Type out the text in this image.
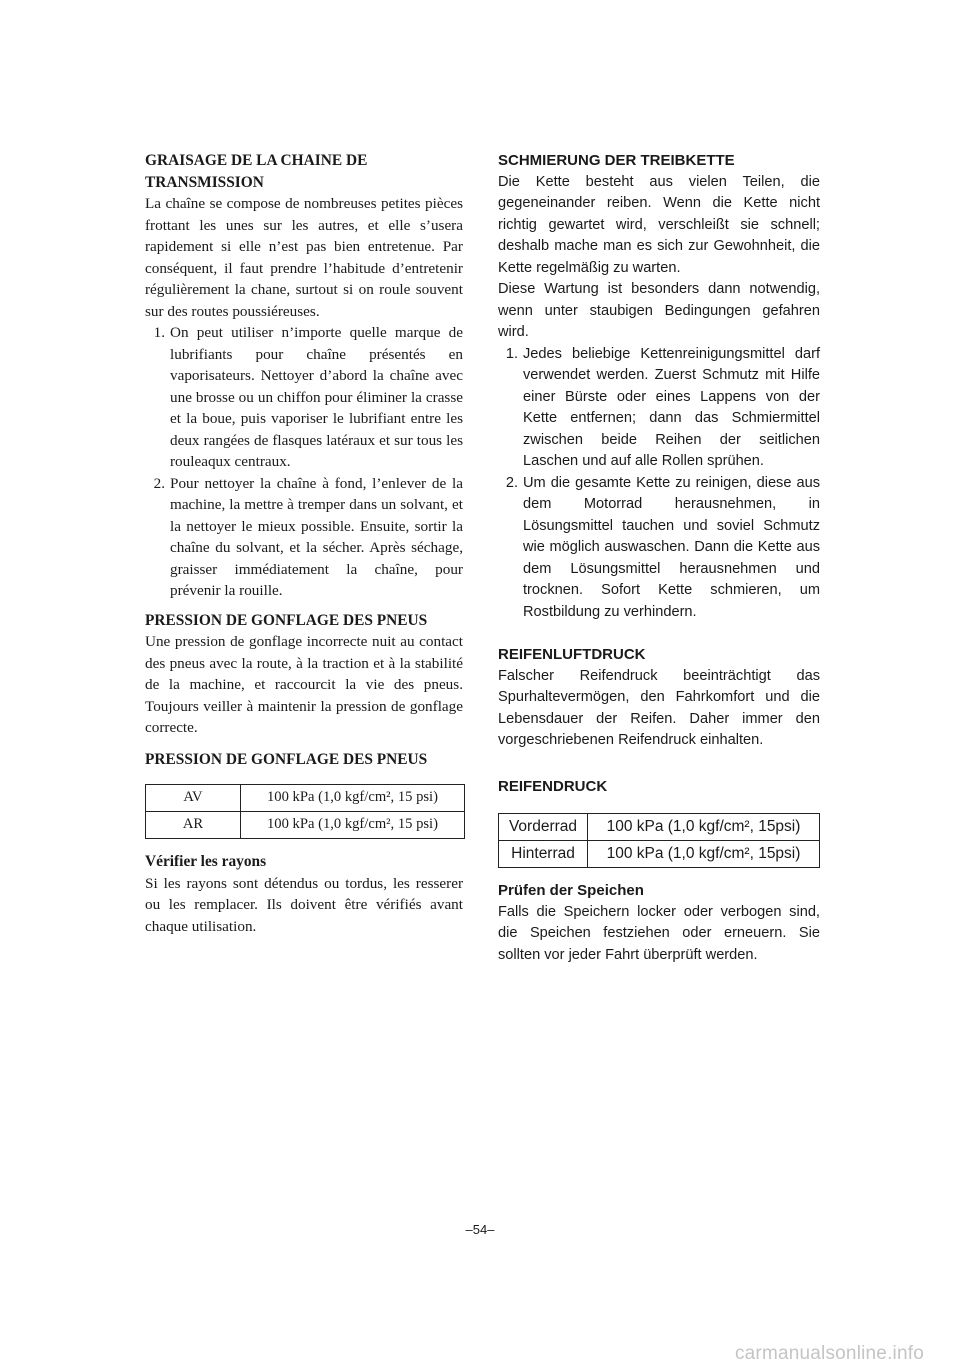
GRAISAGE DE LA CHAINE DE
TRANSMISSION

La chaîne se compose de nombreuses petites pièces frottant les unes sur les autres, et elle s’usera rapidement si elle n’est pas bien entretenue. Par conséquent, il faut prendre l’habitude d’entretenir régulièrement la chane, surtout si on roule souvent sur des routes poussiéreuses.

1. On peut utiliser n’importe quelle marque de lubrifiants pour chaîne présentés en vaporisateurs. Nettoyer d’abord la chaîne avec une brosse ou un chiffon pour éliminer la crasse et la boue, puis vaporiser le lubrifiant entre les deux rangées de flasques latéraux et sur tous les rouleaqux centraux.
2. Pour nettoyer la chaîne à fond, l’enlever de la machine, la mettre à tremper dans un solvant, et la nettoyer le mieux possible. Ensuite, sortir la chaîne du solvant, et la sécher. Après séchage, graisser immédiatement la chaîne, pour prévenir la rouille.
PRESSION DE GONFLAGE DES PNEUS

Une pression de gonflage incorrecte nuit au contact des pneus avec la route, à la traction et à la stabilité de la machine, et raccourcit la vie des pneus. Toujours veiller à maintenir la pression de gonflage correcte.

PRESSION DE GONFLAGE DES PNEUS
AV	100 kPa (1,0 kgf/cm², 15 psi)
AR	100 kPa (1,0 kgf/cm², 15 psi)
Vérifier les rayons

Si les rayons sont détendus ou tordus, les resserer ou les remplacer. Ils doivent être vérifiés avant chaque utilisation.

SCHMIERUNG DER TREIBKETTE

Die Kette besteht aus vielen Teilen, die gegeneinander reiben. Wenn die Kette nicht richtig gewartet wird, verschleißt sie schnell; deshalb mache man es sich zur Gewohnheit, die Kette regelmäßig zu warten.

Diese Wartung ist besonders dann notwendig, wenn unter staubigen Bedingungen gefahren wird.

1. Jedes beliebige Kettenreinigungsmittel darf verwendet werden. Zuerst Schmutz mit Hilfe einer Bürste oder eines Lappens von der Kette entfernen; dann das Schmiermittel zwischen beide Reihen der seitlichen Laschen und auf alle Rollen sprühen.
2. Um die gesamte Kette zu reinigen, diese aus dem Motorrad herausnehmen, in Lösungsmittel tauchen und soviel Schmutz wie möglich auswaschen. Dann die Kette aus dem Lösungsmittel herausnehmen und trocknen. Sofort Kette schmieren, um Rostbildung zu verhindern.
REIFENLUFTDRUCK

Falscher Reifendruck beeinträchtigt das Spurhaltevermögen, den Fahrkomfort und die Lebensdauer der Reifen. Daher immer den vorgeschriebenen Reifendruck einhalten.

REIFENDRUCK
Vorderrad	100 kPa (1,0 kgf/cm², 15psi)
Hinterrad	100 kPa (1,0 kgf/cm², 15psi)
Prüfen der Speichen

Falls die Speichern locker oder verbogen sind, die Speichen festziehen oder erneuern. Sie sollten vor jeder Fahrt überprüft werden.

–54–
carmanualsonline.info
